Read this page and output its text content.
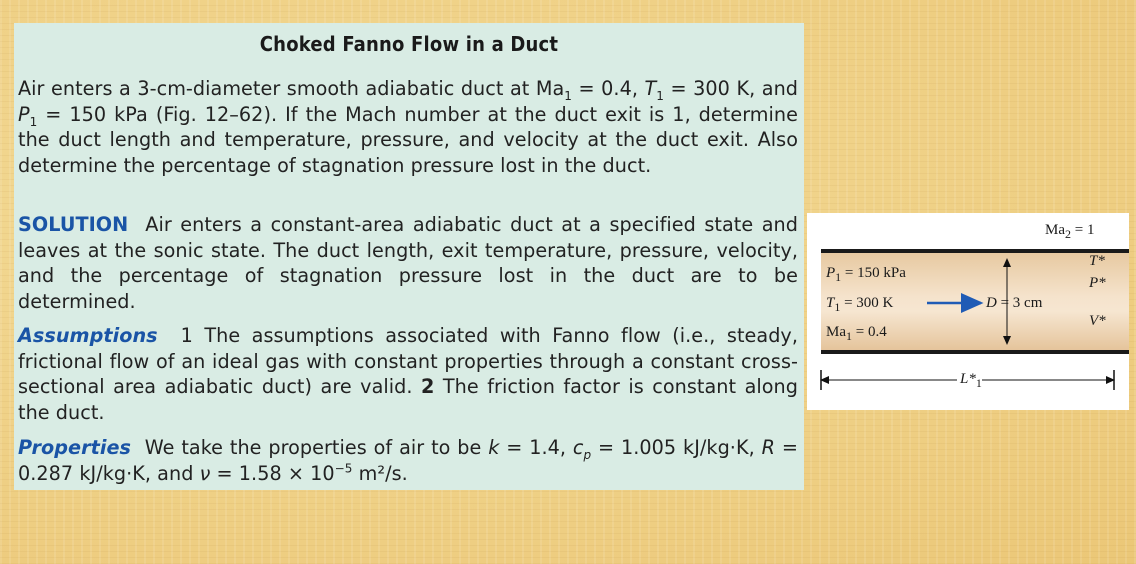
Choked Fanno Flow in a Duct
Air enters a 3-cm-diameter smooth adiabatic duct at $Ma_1 = 0.4$, $T_1 = 300$ K, and $P_1 = 150$ kPa (Fig. 12–62). If the Mach number at the duct exit is 1, determine the duct length and temperature, pressure, and velocity at the duct exit. Also determine the percentage of stagnation pressure lost in the duct.
SOLUTION Air enters a constant-area adiabatic duct at a specified state and leaves at the sonic state. The duct length, exit temperature, pressure, velocity, and the percentage of stagnation pressure lost in the duct are to be determined.
Assumptions 1 The assumptions associated with Fanno flow (i.e., steady, frictional flow of an ideal gas with constant properties through a constant cross-sectional area adiabatic duct) are valid. 2 The friction factor is constant along the duct.
Properties We take the properties of air to be k = 1.4, $c_p = 1.005$ kJ/kg·K, R = 0.287 kJ/kg·K, and $\nu = 1.58 \times 10^{-5}$ m²/s.
$P_1 = 150$ kPa
$T_1 = 300$ K
$Ma_1 = 0.4$
$Ma_2 = 1$
D = 3 cm
T*
P*
V*
$L*_1$
